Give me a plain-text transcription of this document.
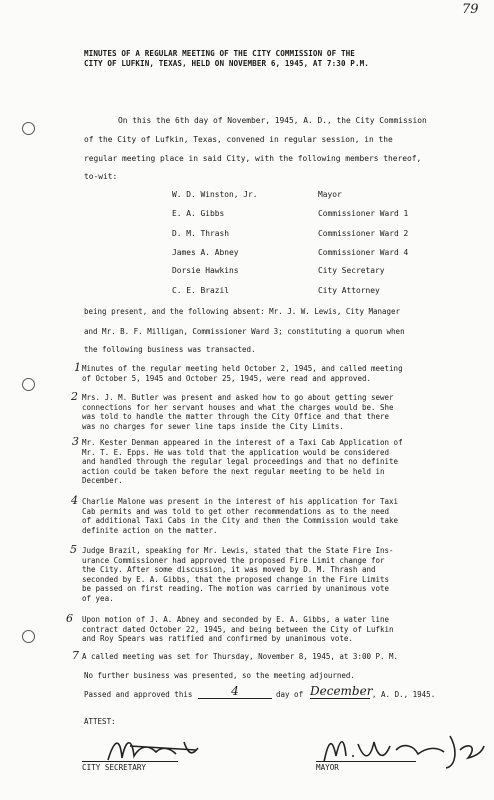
79
MINUTES OF A REGULAR MEETING OF THE CITY COMMISSION OF THE
CITY OF LUFKIN, TEXAS, HELD ON NOVEMBER 6, 1945, AT 7:30 P.M.
On this the 6th day of November, 1945, A. D., the City Commission
of the City of Lufkin, Texas, convened in regular session, in the
regular meeting place in said City, with the following members thereof,
to-wit:
W. D. Winston, Jr.	Mayor
E. A. Gibbs	Commissioner Ward 1
D. M. Thrash	Commissioner Ward 2
James A. Abney	Commissioner Ward 4
Dorsie Hawkins	City Secretary
C. E. Brazil	City Attorney
being present, and the following absent: Mr. J. W. Lewis, City Manager
and Mr. B. F. Milligan, Commissioner Ward 3; constituting a quorum when
the following business was transacted.
1 Minutes of the regular meeting held October 2, 1945, and called meeting
of October 5, 1945 and October 25, 1945, were read and approved.
2 Mrs. J. M. Butler was present and asked how to go about getting sewer
connections for her servant houses and what the charges would be. She
was told to handle the matter through the City Office and that there
was no charges for sewer line taps inside the City Limits.
3 Mr. Kester Denman appeared in the interest of a Taxi Cab Application of
Mr. T. E. Epps. He was told that the application would be considered
and handled through the regular legal proceedings and that no definite
action could be taken before the next regular meeting to be held in
December.
4 Charlie Malone was present in the interest of his application for Taxi
Cab permits and was told to get other recommendations as to the need
of additional Taxi Cabs in the City and then the Commission would take
definite action on the matter.
5 Judge Brazil, speaking for Mr. Lewis, stated that the State Fire Ins-
urance Commissioner had approved the proposed Fire Limit change for
the City. After some discussion, it was moved by D. M. Thrash and
seconded by E. A. Gibbs, that the proposed change in the Fire Limits
be passed on first reading. The motion was carried by unanimous vote
of yea.
6 Upon motion of J. A. Abney and seconded by E. A. Gibbs, a water line
contract dated October 22, 1945, and being between the City of Lufkin
and Roy Spears was ratified and confirmed by unanimous vote.
7 A called meeting was set for Thursday, November 8, 1945, at 3:00 P. M.
No further business was presented, so the meeting adjourned.
Passed and approved this	4	day of December , A. D., 1945.
ATTEST:
CITY SECRETARY	MAYOR
